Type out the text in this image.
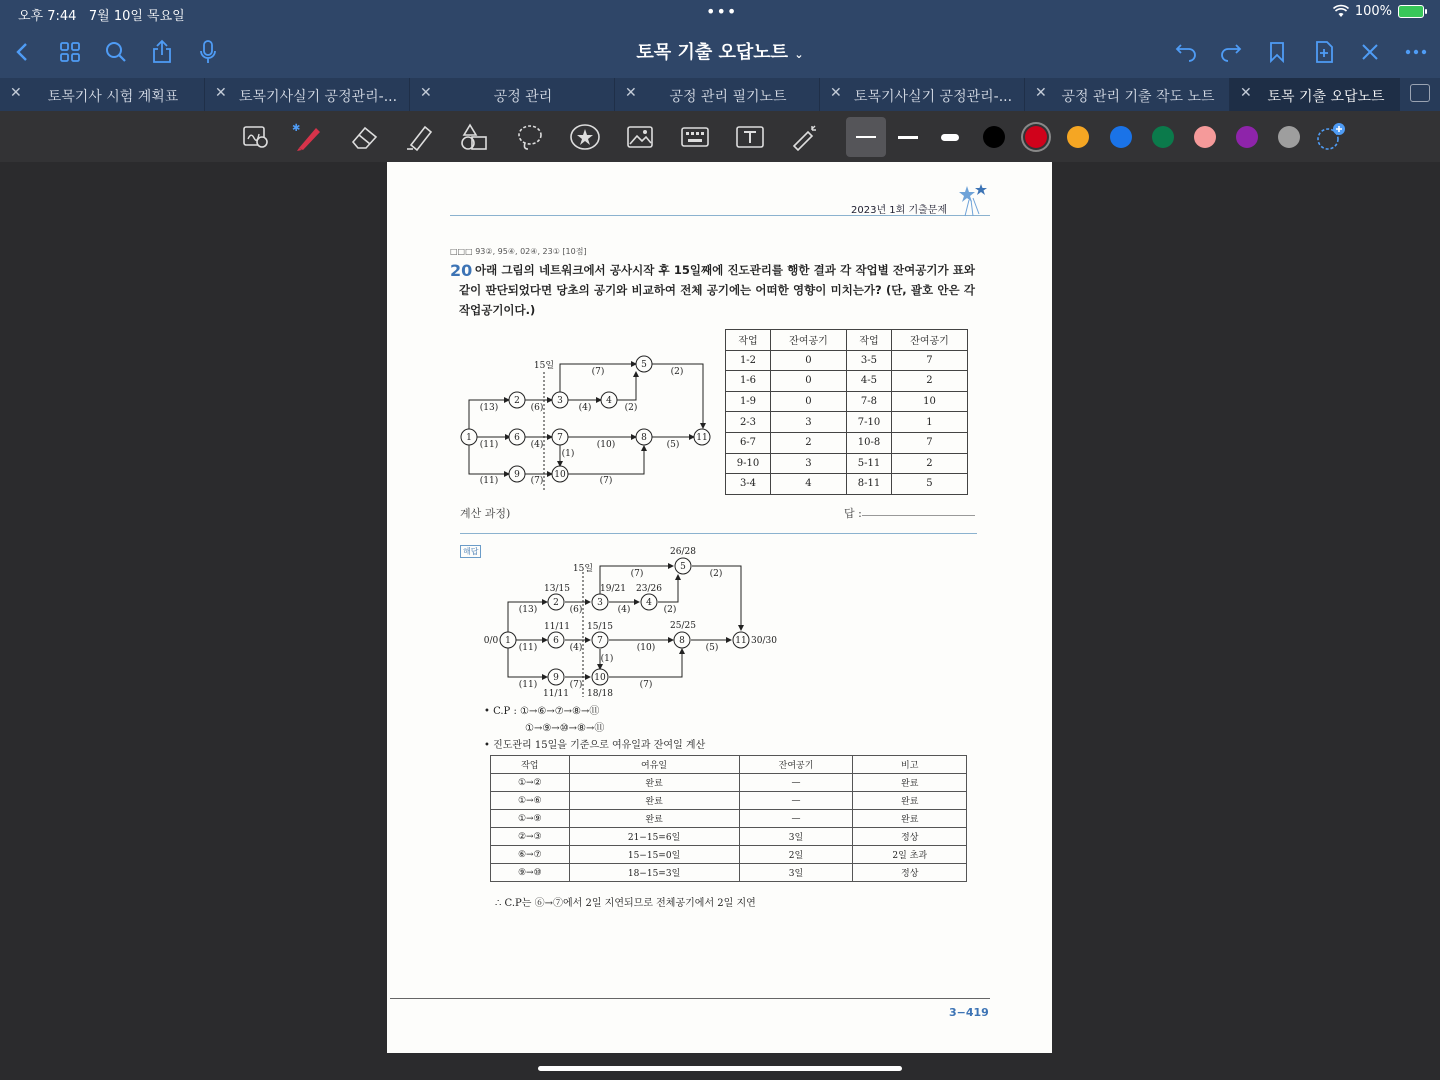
오후 7:44 7월 10일 목요일	•••	100%
토목 기출 오답노트 ⌄
✕	토목기사 시험 계획표	✕ 토목기사실기 공정관리-... ✕	공정 관리	✕	공정 관리 필기노트	✕ 토목기사실기 공정관리-... ✕	공정 관리 기출 작도 노트	✕	토목 기출 오답노트
✱
2023년 1회 기출문제
□□□ 93②, 95④, 02④, 23① [10점]
20 아래 그림의 네트워크에서 공사시작 후 15일째에 진도관리를 행한 결과 각 작업별 잔여공기가 표와 같이 판단되었다면 당초의 공기와 비교하여 전체 공기에는 어떠한 영향이 미치는가? (단, 괄호 안은 각 작업공기이다.)
1
2	3	4
5
6	7	8
9	10
11
15일
(13)
(11)
(11)
(6)	(4)
(7)
(7)
(4)
(2)
(2)
(10)
(1)
(7)
(5)
작업	잔여공기	작업	잔여공기
1-2	0	3-5	7
1-6	0	4-5	2
1-9	0	7-8	10
2-3	3	7-10	1
6-7	2	10-8	7
9-10	3	5-11	2
3-4	4	8-11	5
계산 과정)	답 :
해답
1
2	3	4
5
6	7	8
9	10
11
15일
0/0
13/15
11/11
19/21
15/15
23/26
26/28
25/25
11/11 18/18
30/30
(13)
(11)
(11)
(6)	(4)
(7)
(7)
(4)
(2)
(2)
(10)
(1)
(7)
(5)
• C.P : ①→⑥→⑦→⑧→⑪
①→⑨→⑩→⑧→⑪
• 진도관리 15일을 기준으로 여유일과 잔여일 계산
작업	여유일	잔여공기	비고
①→②	완료	—	완료
①→⑥	완료	—	완료
①→⑨	완료	—	완료
②→③	21−15=6일	3일	정상
⑥→⑦	15−15=0일	2일	2일 초과
⑨→⑩	18−15=3일	3일	정상
∴ C.P는 ⑥→⑦에서 2일 지연되므로 전체공기에서 2일 지연
3−419
